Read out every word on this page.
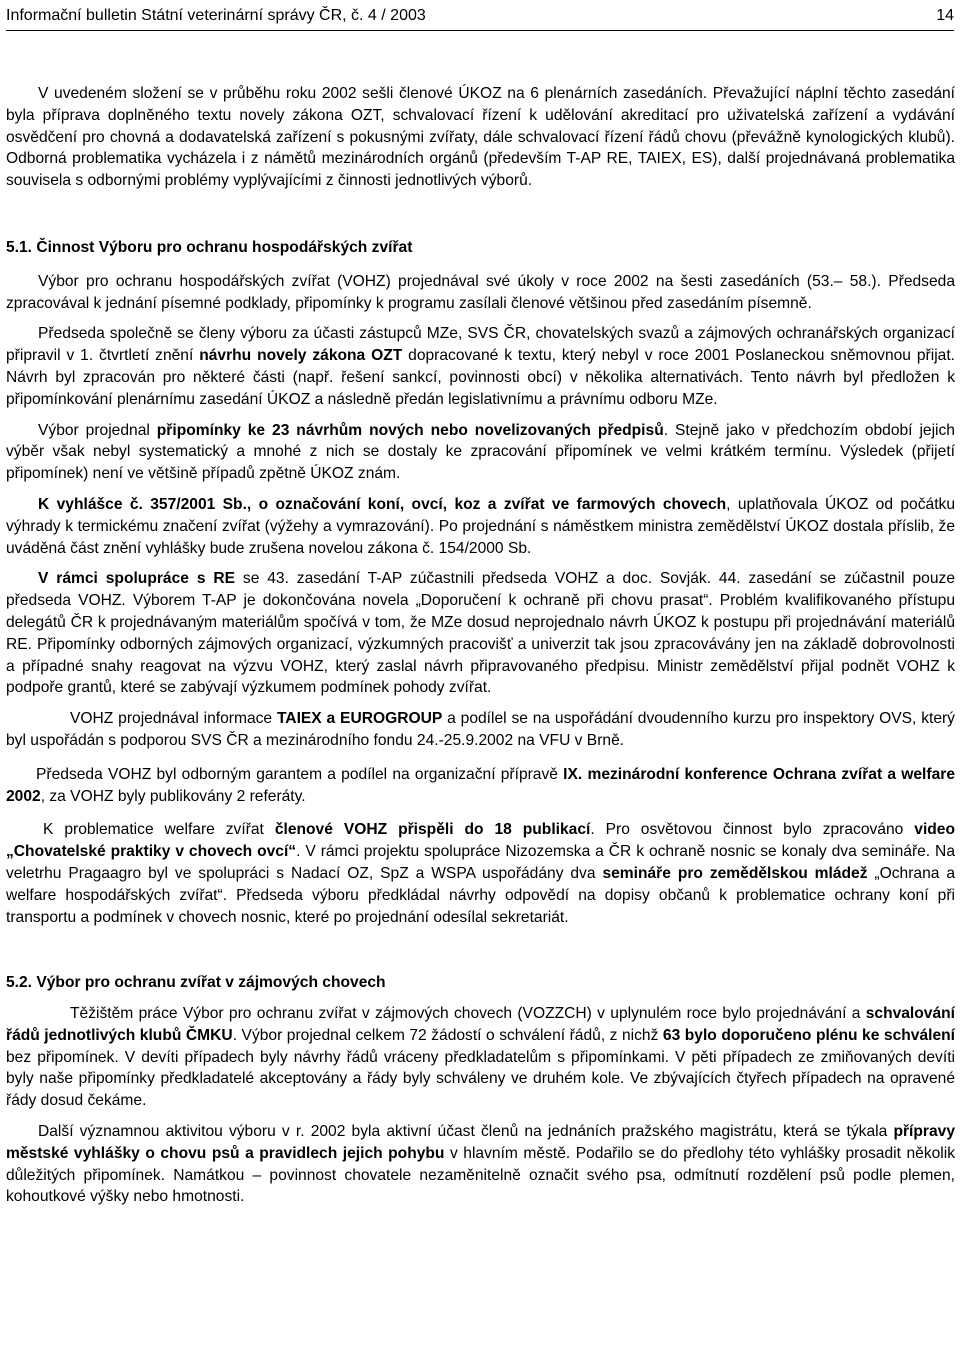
Informační bulletin Státní veterinární správy ČR, č. 4 / 2003	14

V uvedeném složení se v průběhu roku 2002 sešli členové ÚKOZ na 6 plenárních zasedáních. Převažující náplní těchto zasedání byla příprava doplněného textu novely zákona OZT, schvalovací řízení k udělování akreditací pro uživatelská zařízení a vydávání osvědčení pro chovná a dodavatelská zařízení s pokusnými zvířaty, dále schvalovací řízení řádů chovu (převážně kynologických klubů). Odborná problematika vycházela i z námětů mezinárodních orgánů (především T-AP RE, TAIEX, ES), další projednávaná problematika souvisela s odbornými problémy vyplývajícími z činnosti jednotlivých výborů.

5.1. Činnost Výboru pro ochranu hospodářských zvířat

Výbor pro ochranu hospodářských zvířat (VOHZ) projednával své úkoly v roce 2002 na šesti zasedáních (53.– 58.). Předseda zpracovával k jednání písemné podklady, připomínky k programu zasílali členové většinou před zasedáním písemně.

Předseda společně se členy výboru za účasti zástupců MZe, SVS ČR, chovatelských svazů a zájmových ochranářských organizací připravil v 1. čtvrtletí znění návrhu novely zákona OZT dopracované k textu, který nebyl v roce 2001 Poslaneckou sněmovnou přijat. Návrh byl zpracován pro některé části (např. řešení sankcí, povinnosti obcí) v několika alternativách. Tento návrh byl předložen k připomínkování plenárnímu zasedání ÚKOZ a následně předán legislativnímu a právnímu odboru MZe.

Výbor projednal připomínky ke 23 návrhům nových nebo novelizovaných předpisů. Stejně jako v předchozím období jejich výběr však nebyl systematický a mnohé z nich se dostaly ke zpracování připomínek ve velmi krátkém termínu. Výsledek (přijetí připomínek) není ve většině případů zpětně ÚKOZ znám.

K vyhlášce č. 357/2001 Sb., o označování koní, ovcí, koz a zvířat ve farmových chovech, uplatňovala ÚKOZ od počátku výhrady k termickému značení zvířat (výžehy a vymrazování). Po projednání s náměstkem ministra zemědělství ÚKOZ dostala příslib, že uváděná část znění vyhlášky bude zrušena novelou zákona č. 154/2000 Sb.

V rámci spolupráce s RE se 43. zasedání T-AP zúčastnili předseda VOHZ a doc. Sovják. 44. zasedání se zúčastnil pouze předseda VOHZ. Výborem T-AP je dokončována novela „Doporučení k ochraně při chovu prasat“. Problém kvalifikovaného přístupu delegátů ČR k projednávaným materiálům spočívá v tom, že MZe dosud neprojednalo návrh ÚKOZ k postupu při projednávání materiálů RE. Připomínky odborných zájmových organizací, výzkumných pracovišť a univerzit tak jsou zpracovávány jen na základě dobrovolnosti a případné snahy reagovat na výzvu VOHZ, který zaslal návrh připravovaného předpisu. Ministr zemědělství přijal podnět VOHZ k podpoře grantů, které se zabývají výzkumem podmínek pohody zvířat.

VOHZ projednával informace TAIEX a EUROGROUP a podílel se na uspořádání dvoudenního kurzu pro inspektory OVS, který byl uspořádán s podporou SVS ČR a mezinárodního fondu 24.-25.9.2002 na VFU v Brně.

Předseda VOHZ byl odborným garantem a podílel na organizační přípravě IX. mezinárodní konference Ochrana zvířat a welfare 2002, za VOHZ byly publikovány 2 referáty.

K problematice welfare zvířat členové VOHZ přispěli do 18 publikací. Pro osvětovou činnost bylo zpracováno video „Chovatelské praktiky v chovech ovcí“. V rámci projektu spolupráce Nizozemska a ČR k ochraně nosnic se konaly dva semináře. Na veletrhu Pragaagro byl ve spolupráci s Nadací OZ, SpZ a WSPA uspořádány dva semináře pro zemědělskou mládež „Ochrana a welfare hospodářských zvířat“. Předseda výboru předkládal návrhy odpovědí na dopisy občanů k problematice ochrany koní při transportu a podmínek v chovech nosnic, které po projednání odesílal sekretariát.

5.2. Výbor pro ochranu zvířat v zájmových chovech

Těžištěm práce Výbor pro ochranu zvířat v zájmových chovech (VOZZCH) v uplynulém roce bylo projednávání a schvalování řádů jednotlivých klubů ČMKU. Výbor projednal celkem 72 žádostí o schválení řádů, z nichž 63 bylo doporučeno plénu ke schválení bez připomínek. V devíti případech byly návrhy řádů vráceny předkladatelům s připomínkami. V pěti případech ze zmiňovaných devíti byly naše připomínky předkladatelé akceptovány a řády byly schváleny ve druhém kole. Ve zbývajících čtyřech případech na opravené řády dosud čekáme.

Další významnou aktivitou výboru v r. 2002 byla aktivní účast členů na jednáních pražského magistrátu, která se týkala přípravy městské vyhlášky o chovu psů a pravidlech jejich pohybu v hlavním městě. Podařilo se do předlohy této vyhlášky prosadit několik důležitých připomínek. Namátkou – povinnost chovatele nezaměnitelně označit svého psa, odmítnutí rozdělení psů podle plemen, kohoutkové výšky nebo hmotnosti.
